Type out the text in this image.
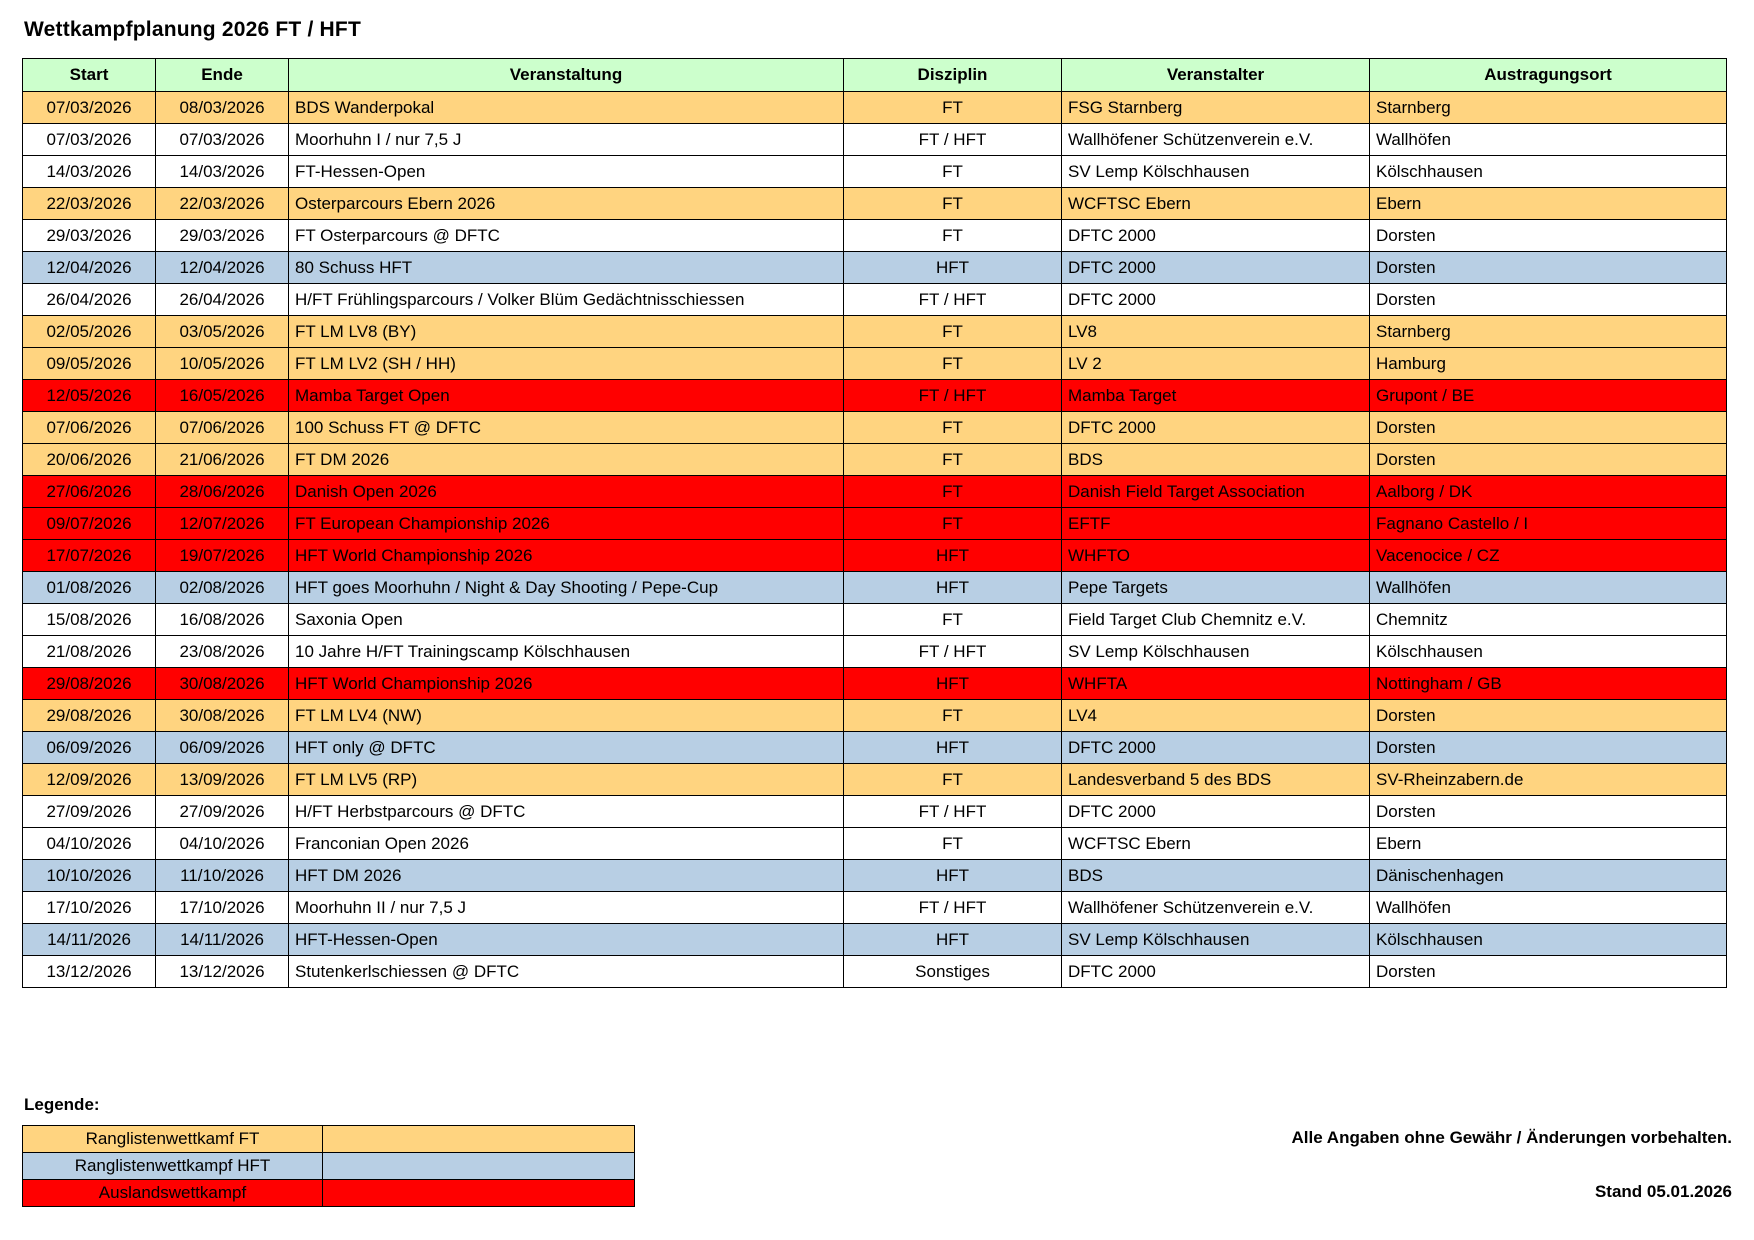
Wettkampfplanung 2026 FT / HFT
Start	Ende	Veranstaltung	Disziplin	Veranstalter	Austragungsort
07/03/2026	08/03/2026	BDS Wanderpokal	FT	FSG Starnberg	Starnberg
07/03/2026	07/03/2026	Moorhuhn I / nur 7,5 J	FT / HFT	Wallhöfener Schützenverein e.V.	Wallhöfen
14/03/2026	14/03/2026	FT-Hessen-Open	FT	SV Lemp Kölschhausen	Kölschhausen
22/03/2026	22/03/2026	Osterparcours Ebern 2026	FT	WCFTSC Ebern	Ebern
29/03/2026	29/03/2026	FT Osterparcours @ DFTC	FT	DFTC 2000	Dorsten
12/04/2026	12/04/2026	80 Schuss HFT	HFT	DFTC 2000	Dorsten
26/04/2026	26/04/2026	H/FT Frühlingsparcours / Volker Blüm Gedächtnisschiessen	FT / HFT	DFTC 2000	Dorsten
02/05/2026	03/05/2026	FT LM LV8 (BY)	FT	LV8	Starnberg
09/05/2026	10/05/2026	FT LM LV2 (SH / HH)	FT	LV 2	Hamburg
12/05/2026	16/05/2026	Mamba Target Open	FT / HFT	Mamba Target	Grupont / BE
07/06/2026	07/06/2026	100 Schuss FT @ DFTC	FT	DFTC 2000	Dorsten
20/06/2026	21/06/2026	FT DM 2026	FT	BDS	Dorsten
27/06/2026	28/06/2026	Danish Open 2026	FT	Danish Field Target Association	Aalborg / DK
09/07/2026	12/07/2026	FT European Championship 2026	FT	EFTF	Fagnano Castello / I
17/07/2026	19/07/2026	HFT World Championship 2026	HFT	WHFTO	Vacenocice / CZ
01/08/2026	02/08/2026	HFT goes Moorhuhn / Night & Day Shooting / Pepe-Cup	HFT	Pepe Targets	Wallhöfen
15/08/2026	16/08/2026	Saxonia Open	FT	Field Target Club Chemnitz e.V.	Chemnitz
21/08/2026	23/08/2026	10 Jahre H/FT Trainingscamp Kölschhausen	FT / HFT	SV Lemp Kölschhausen	Kölschhausen
29/08/2026	30/08/2026	HFT World Championship 2026	HFT	WHFTA	Nottingham / GB
29/08/2026	30/08/2026	FT LM LV4 (NW)	FT	LV4	Dorsten
06/09/2026	06/09/2026	HFT only @ DFTC	HFT	DFTC 2000	Dorsten
12/09/2026	13/09/2026	FT LM LV5 (RP)	FT	Landesverband 5 des BDS	SV-Rheinzabern.de
27/09/2026	27/09/2026	H/FT Herbstparcours @ DFTC	FT / HFT	DFTC 2000	Dorsten
04/10/2026	04/10/2026	Franconian Open 2026	FT	WCFTSC Ebern	Ebern
10/10/2026	11/10/2026	HFT DM 2026	HFT	BDS	Dänischenhagen
17/10/2026	17/10/2026	Moorhuhn II / nur 7,5 J	FT / HFT	Wallhöfener Schützenverein e.V.	Wallhöfen
14/11/2026	14/11/2026	HFT-Hessen-Open	HFT	SV Lemp Kölschhausen	Kölschhausen
13/12/2026	13/12/2026	Stutenkerlschiessen @ DFTC	Sonstiges	DFTC 2000	Dorsten
Legende:
Ranglistenwettkamf FT	
Ranglistenwettkampf HFT	
Auslandswettkampf	
Alle Angaben ohne Gewähr / Änderungen vorbehalten.
Stand 05.01.2026
